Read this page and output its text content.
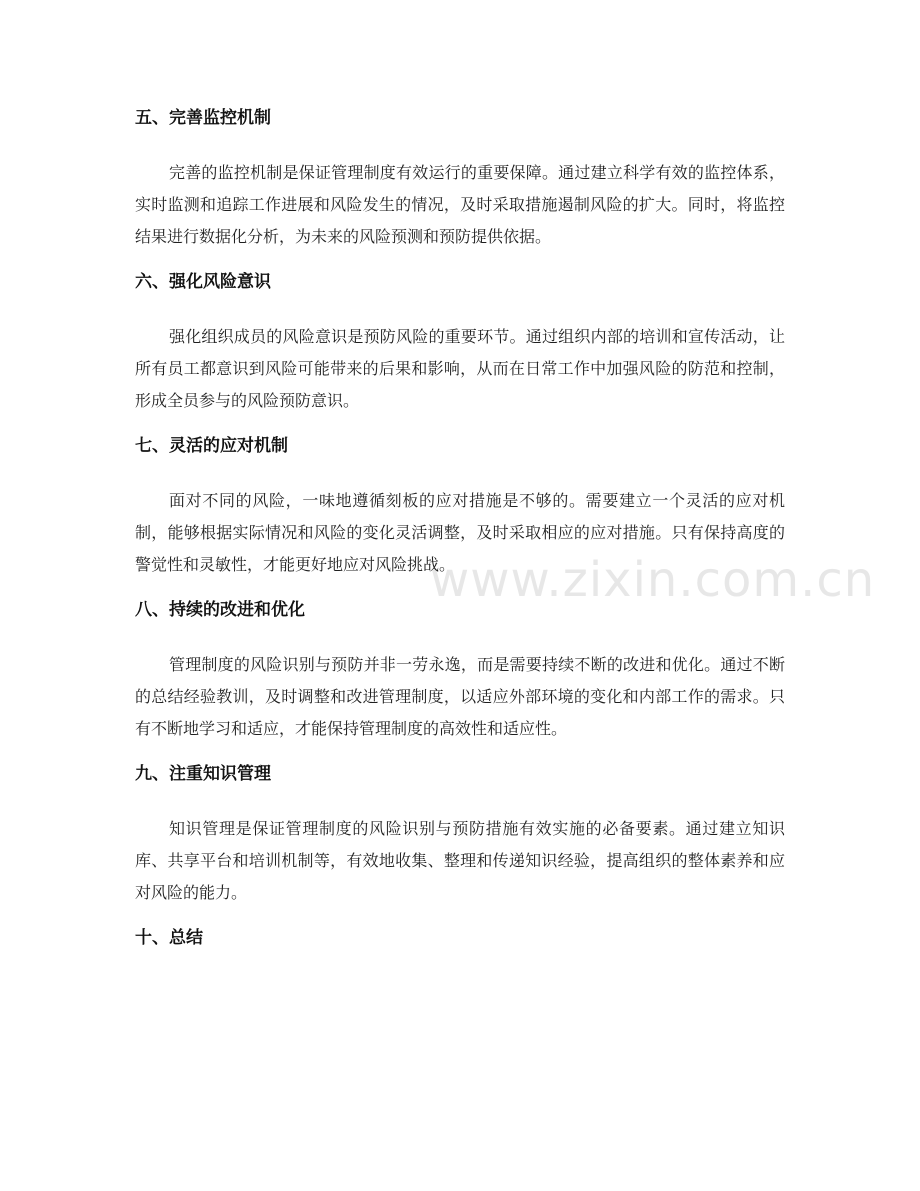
五、完善监控机制

完善的监控机制是保证管理制度有效运行的重要保障。通过建立科学有效的监控体系，实时监测和追踪工作进展和风险发生的情况，及时采取措施遏制风险的扩大。同时，将监控结果进行数据化分析，为未来的风险预测和预防提供依据。

六、强化风险意识

强化组织成员的风险意识是预防风险的重要环节。通过组织内部的培训和宣传活动，让所有员工都意识到风险可能带来的后果和影响，从而在日常工作中加强风险的防范和控制，形成全员参与的风险预防意识。

七、灵活的应对机制

面对不同的风险，一味地遵循刻板的应对措施是不够的。需要建立一个灵活的应对机制，能够根据实际情况和风险的变化灵活调整，及时采取相应的应对措施。只有保持高度的警觉性和灵敏性，才能更好地应对风险挑战。

八、持续的改进和优化

管理制度的风险识别与预防并非一劳永逸，而是需要持续不断的改进和优化。通过不断的总结经验教训，及时调整和改进管理制度，以适应外部环境的变化和内部工作的需求。只有不断地学习和适应，才能保持管理制度的高效性和适应性。

九、注重知识管理

知识管理是保证管理制度的风险识别与预防措施有效实施的必备要素。通过建立知识库、共享平台和培训机制等，有效地收集、整理和传递知识经验，提高组织的整体素养和应对风险的能力。

十、总结
www.zixin.com.cn
